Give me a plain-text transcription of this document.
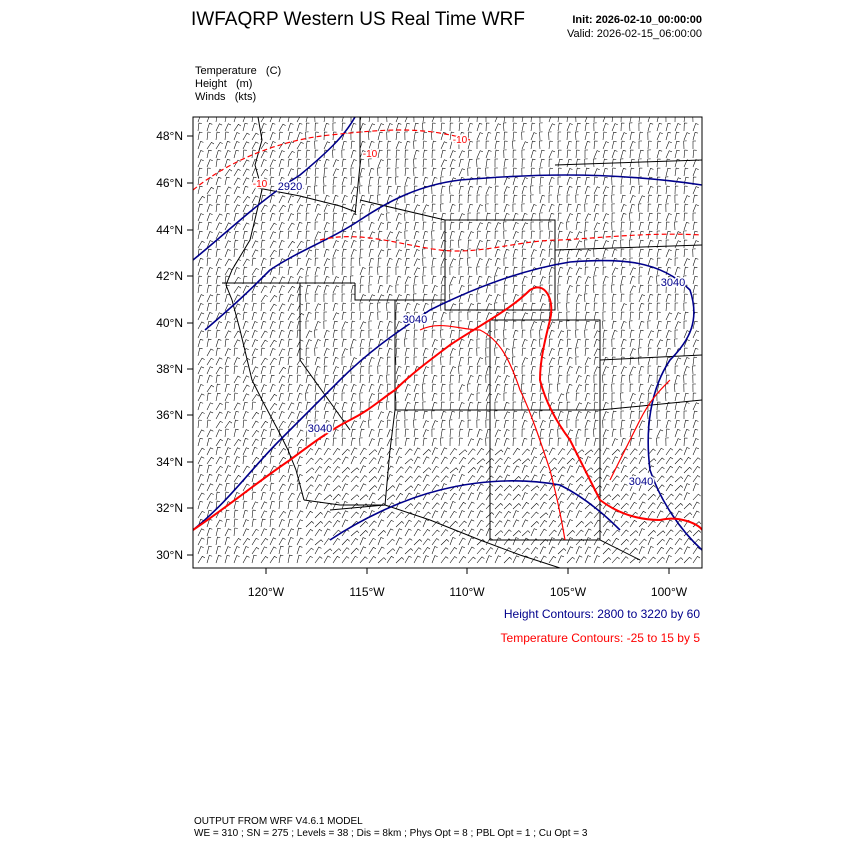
IWFAQRP Western US Real Time WRF	Init: 2026-02-10_00:00:00
Valid: 2026-02-15_06:00:00
Temperature   (C)
Height   (m)
Winds   (kts)
48°N
46°N
44°N
42°N
40°N
38°N
36°N
34°N
32°N
30°N
120°W	115°W	110°W	105°W	100°W
2920
3040
3040
3040
3040
-10
-10
-10
Height Contours: 2800 to 3220 by 60
Temperature Contours: -25 to 15 by 5
OUTPUT FROM WRF V4.6.1 MODEL
WE = 310 ; SN = 275 ; Levels = 38 ; Dis = 8km ; Phys Opt = 8 ; PBL Opt = 1 ; Cu Opt = 3
